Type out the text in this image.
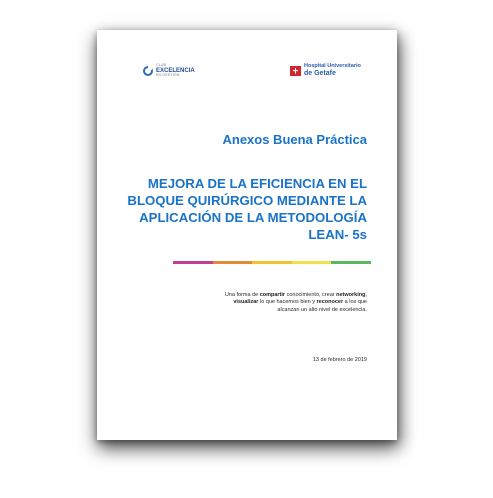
CLUB
EXCELENCIA
EN GESTIÓN
Hospital Universitario
de Getafe
Anexos Buena Práctica
MEJORA DE LA EFICIENCIA EN EL BLOQUE QUIRÚRGICO MEDIANTE LA APLICACIÓN DE LA METODOLOGÍA LEAN- 5s

Una forma de compartir conocimiento, crear networking, visualizar lo que hacemos bien y reconocer a los que alcanzan un alto nivel de excelencia.

13 de febrero de 2019
